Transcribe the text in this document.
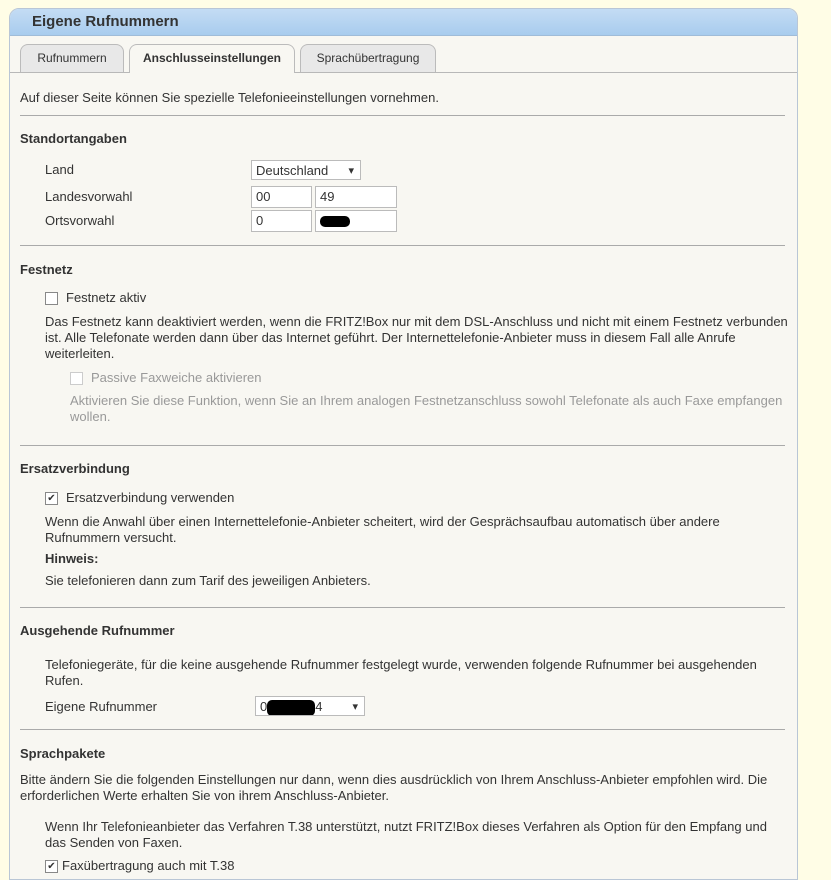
Eigene Rufnummern
Rufnummern	Anschlusseinstellungen	Sprachübertragung
Auf dieser Seite können Sie spezielle Telefonieeinstellungen vornehmen.
Standortangaben
Land	Deutschland ▾
Landesvorwahl	00	49
Ortsvorwahl	0
Festnetz
Festnetz aktiv
Das Festnetz kann deaktiviert werden, wenn die FRITZ!Box nur mit dem DSL-Anschluss und nicht mit einem Festnetz verbunden ist. Alle Telefonate werden dann über das Internet geführt. Der Internettelefonie-Anbieter muss in diesem Fall alle Anrufe weiterleiten.
Passive Faxweiche aktivieren
Aktivieren Sie diese Funktion, wenn Sie an Ihrem analogen Festnetzanschluss sowohl Telefonate als auch Faxe empfangen wollen.
Ersatzverbindung
✔ Ersatzverbindung verwenden
Wenn die Anwahl über einen Internettelefonie-Anbieter scheitert, wird der Gesprächsaufbau automatisch über andere Rufnummern versucht.
Hinweis:
Sie telefonieren dann zum Tarif des jeweiligen Anbieters.
Ausgehende Rufnummer
Telefoniegeräte, für die keine ausgehende Rufnummer festgelegt wurde, verwenden folgende Rufnummer bei ausgehenden Rufen.
Eigene Rufnummer	0	4 ▾
Sprachpakete
Bitte ändern Sie die folgenden Einstellungen nur dann, wenn dies ausdrücklich von Ihrem Anschluss-Anbieter empfohlen wird. Die erforderlichen Werte erhalten Sie von ihrem Anschluss-Anbieter.
Wenn Ihr Telefonieanbieter das Verfahren T.38 unterstützt, nutzt FRITZ!Box dieses Verfahren als Option für den Empfang und das Senden von Faxen.
✔ Faxübertragung auch mit T.38
